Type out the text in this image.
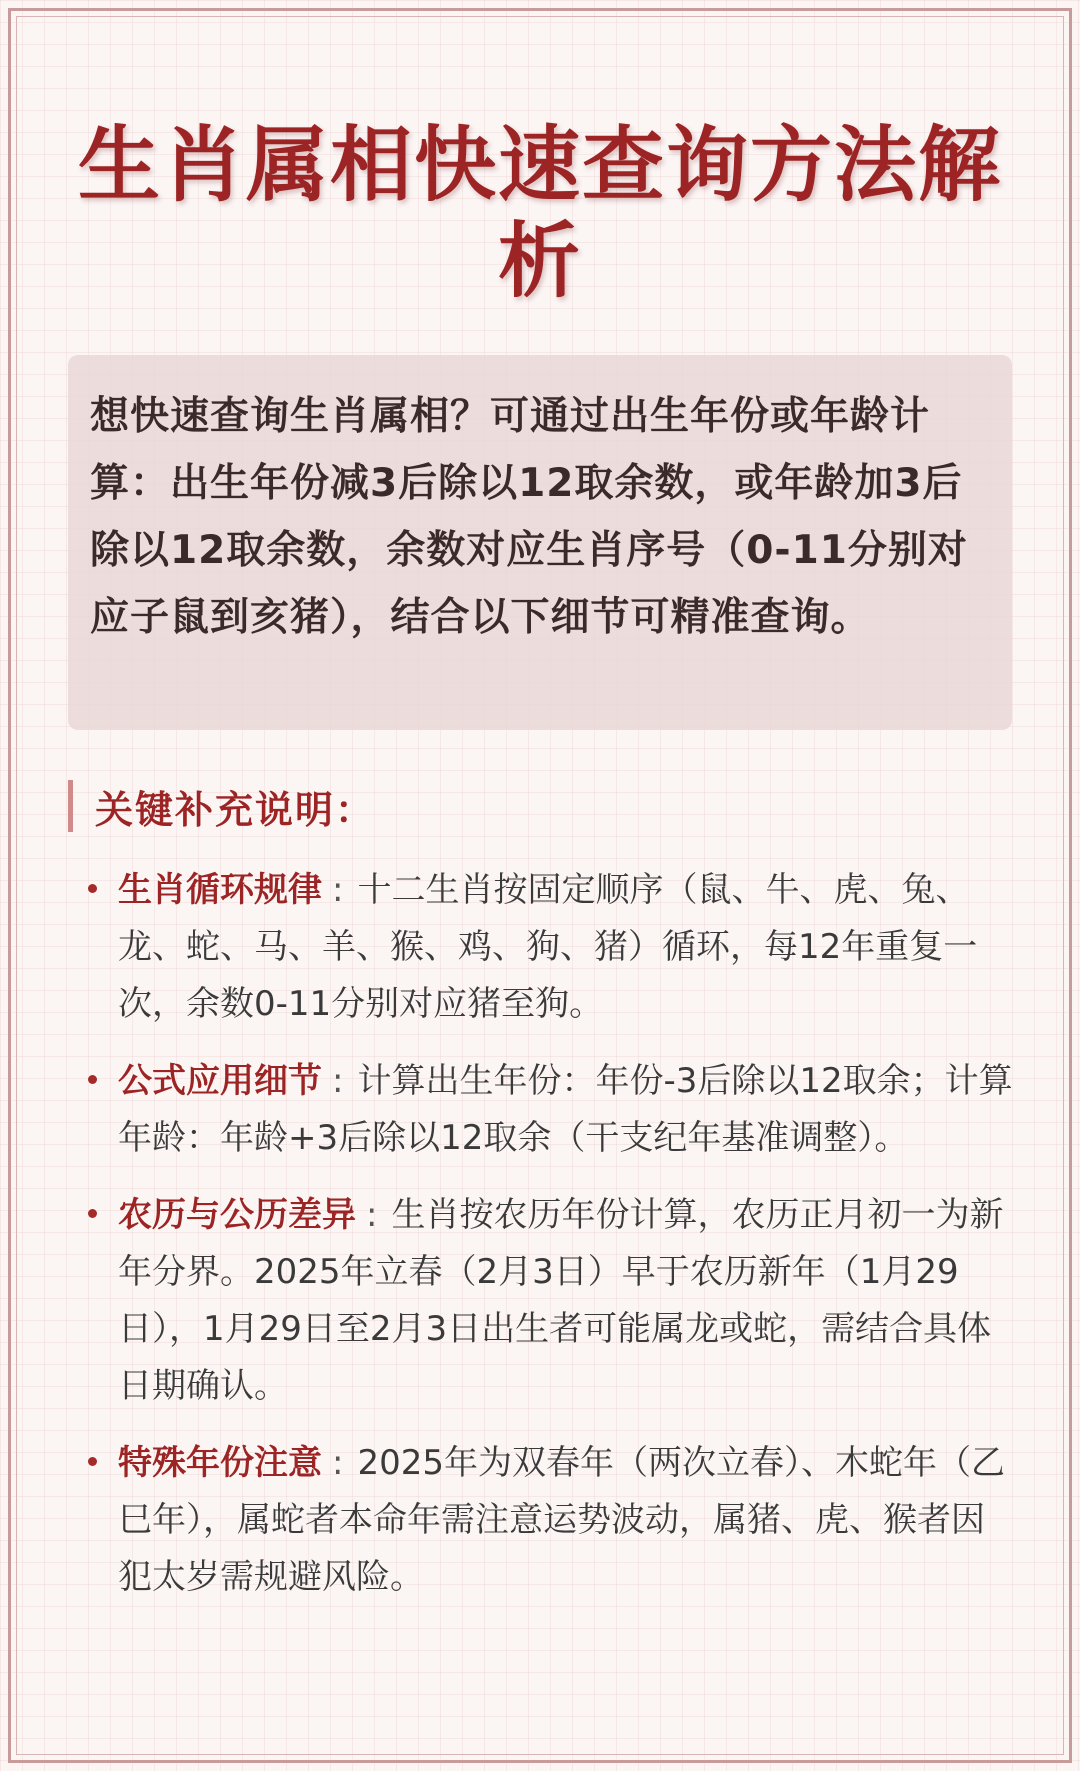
生肖属相快速查询方法解析

想快速查询生肖属相？可通过出生年份或年龄计算：出生年份减3后除以12取余数，或年龄加3后除以12取余数，余数对应生肖序号（0-11分别对应子鼠到亥猪），结合以下细节可精准查询。

关键补充说明：
生肖循环规律 : 十二生肖按固定顺序（鼠、牛、虎、兔、龙、蛇、马、羊、猴、鸡、狗、猪）循环，每12年重复一次，余数0-11分别对应猪至狗。
公式应用细节 : 计算出生年份：年份-3后除以12取余；计算年龄：年龄+3后除以12取余（干支纪年基准调整）。
农历与公历差异 : 生肖按农历年份计算，农历正月初一为新年分界。2025年立春（2月3日）早于农历新年（1月29日），1月29日至2月3日出生者可能属龙或蛇，需结合具体日期确认。
特殊年份注意 : 2025年为双春年（两次立春）、木蛇年（乙巳年），属蛇者本命年需注意运势波动，属猪、虎、猴者因犯太岁需规避风险。
